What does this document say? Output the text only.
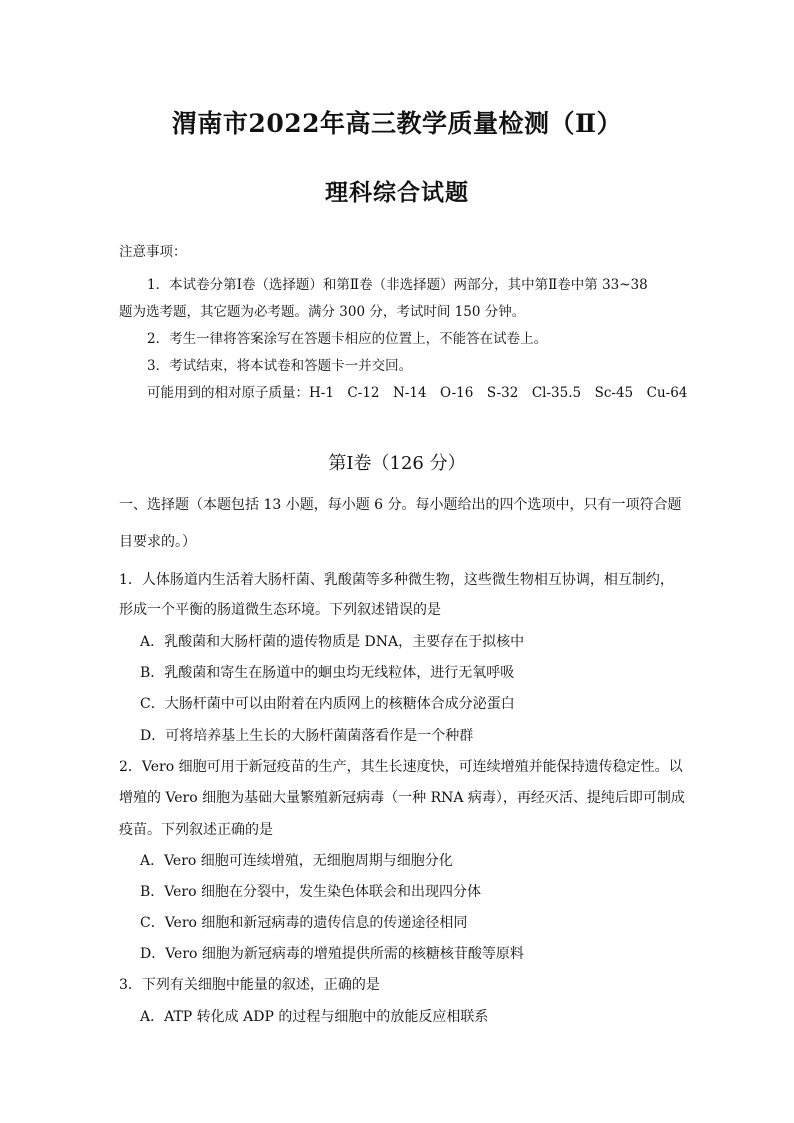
渭南市2022年高三教学质量检测（Ⅱ）
理科综合试题
注意事项：
1．本试卷分第Ⅰ卷（选择题）和第Ⅱ卷（非选择题）两部分，其中第Ⅱ卷中第 33~38
题为选考题，其它题为必考题。满分 300 分，考试时间 150 分钟。
2．考生一律将答案涂写在答题卡相应的位置上，不能答在试卷上。
3．考试结束，将本试卷和答题卡一并交回。
可能用到的相对原子质量：H-1　C-12　N-14　O-16　S-32　Cl-35.5　Sc-45　Cu-64
第Ⅰ卷（126 分）
一、选择题（本题包括 13 小题，每小题 6 分。每小题给出的四个选项中，只有一项符合题
目要求的。）
1．人体肠道内生活着大肠杆菌、乳酸菌等多种微生物，这些微生物相互协调，相互制约，
形成一个平衡的肠道微生态环境。下列叙述错误的是
A．乳酸菌和大肠杆菌的遗传物质是 DNA，主要存在于拟核中
B．乳酸菌和寄生在肠道中的蛔虫均无线粒体，进行无氧呼吸
C．大肠杆菌中可以由附着在内质网上的核糖体合成分泌蛋白
D．可将培养基上生长的大肠杆菌菌落看作是一个种群
2．Vero 细胞可用于新冠疫苗的生产，其生长速度快，可连续增殖并能保持遗传稳定性。以
增殖的 Vero 细胞为基础大量繁殖新冠病毒（一种 RNA 病毒），再经灭活、提纯后即可制成
疫苗。下列叙述正确的是
A．Vero 细胞可连续增殖，无细胞周期与细胞分化
B．Vero 细胞在分裂中，发生染色体联会和出现四分体
C．Vero 细胞和新冠病毒的遗传信息的传递途径相同
D．Vero 细胞为新冠病毒的增殖提供所需的核糖核苷酸等原料
3．下列有关细胞中能量的叙述，正确的是
A．ATP 转化成 ADP 的过程与细胞中的放能反应相联系
